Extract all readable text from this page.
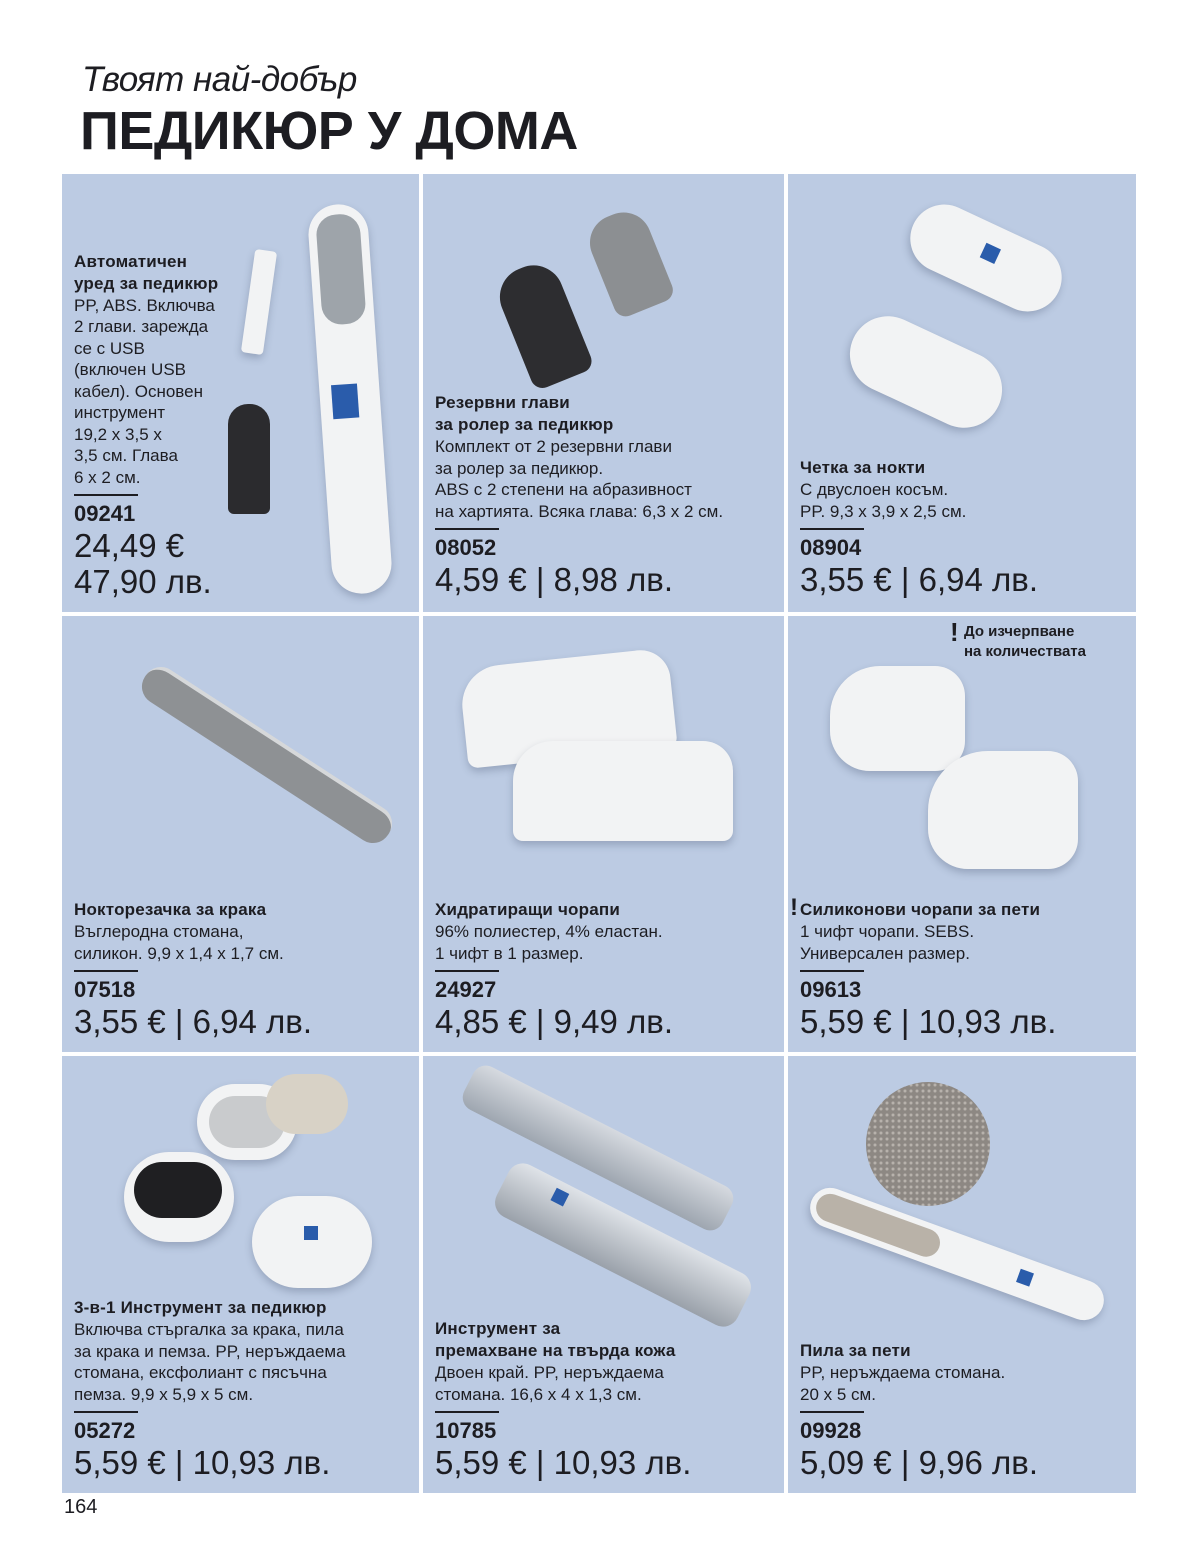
Твоят най-добър
ПЕДИКЮР У ДОМА
Автоматичен
уред за педикюр
PP, ABS. Включва
2 глави. зарежда
се с USB
(включен USB
кабел). Основен
инструмент
19,2 x 3,5 x
3,5 см. Глава
6 x 2 см.
09241
24,49 €
47,90 лв.
Резервни глави
за ролер за педикюр
Комплект от 2 резервни глави
за ролер за педикюр.
ABS с 2 степени на абразивност
на хартията. Всяка глава: 6,3 x 2 см.
08052
4,59 € | 8,98 лв.
Четка за нокти
С двуслоен косъм.
PP. 9,3 x 3,9 x 2,5 см.
08904
3,55 € | 6,94 лв.
Нокторезачка за крака
Въглеродна стомана,
силикон. 9,9 x 1,4 x 1,7 см.
07518
3,55 € | 6,94 лв.
Хидратиращи чорапи
96% полиестер, 4% еластан.
1 чифт в 1 размер.
24927
4,85 € | 9,49 лв.
! До изчерпване
на количествата
! Силиконови чорапи за пети
1 чифт чорапи. SEBS.
Универсален размер.
09613
5,59 € | 10,93 лв.
3-в-1 Инструмент за педикюр
Включва стъргалка за крака, пила
за крака и пемза. PP, неръждаема
стомана, ексфолиант с пясъчна
пемза. 9,9 x 5,9 x 5 см.
05272
5,59 € | 10,93 лв.
Инструмент за
премахване на твърда кожа
Двоен край. PP, неръждаема
стомана. 16,6 x 4 x 1,3 см.
10785
5,59 € | 10,93 лв.
Пила за пети
PP, неръждаема стомана.
20 x 5 см.
09928
5,09 € | 9,96 лв.
164
